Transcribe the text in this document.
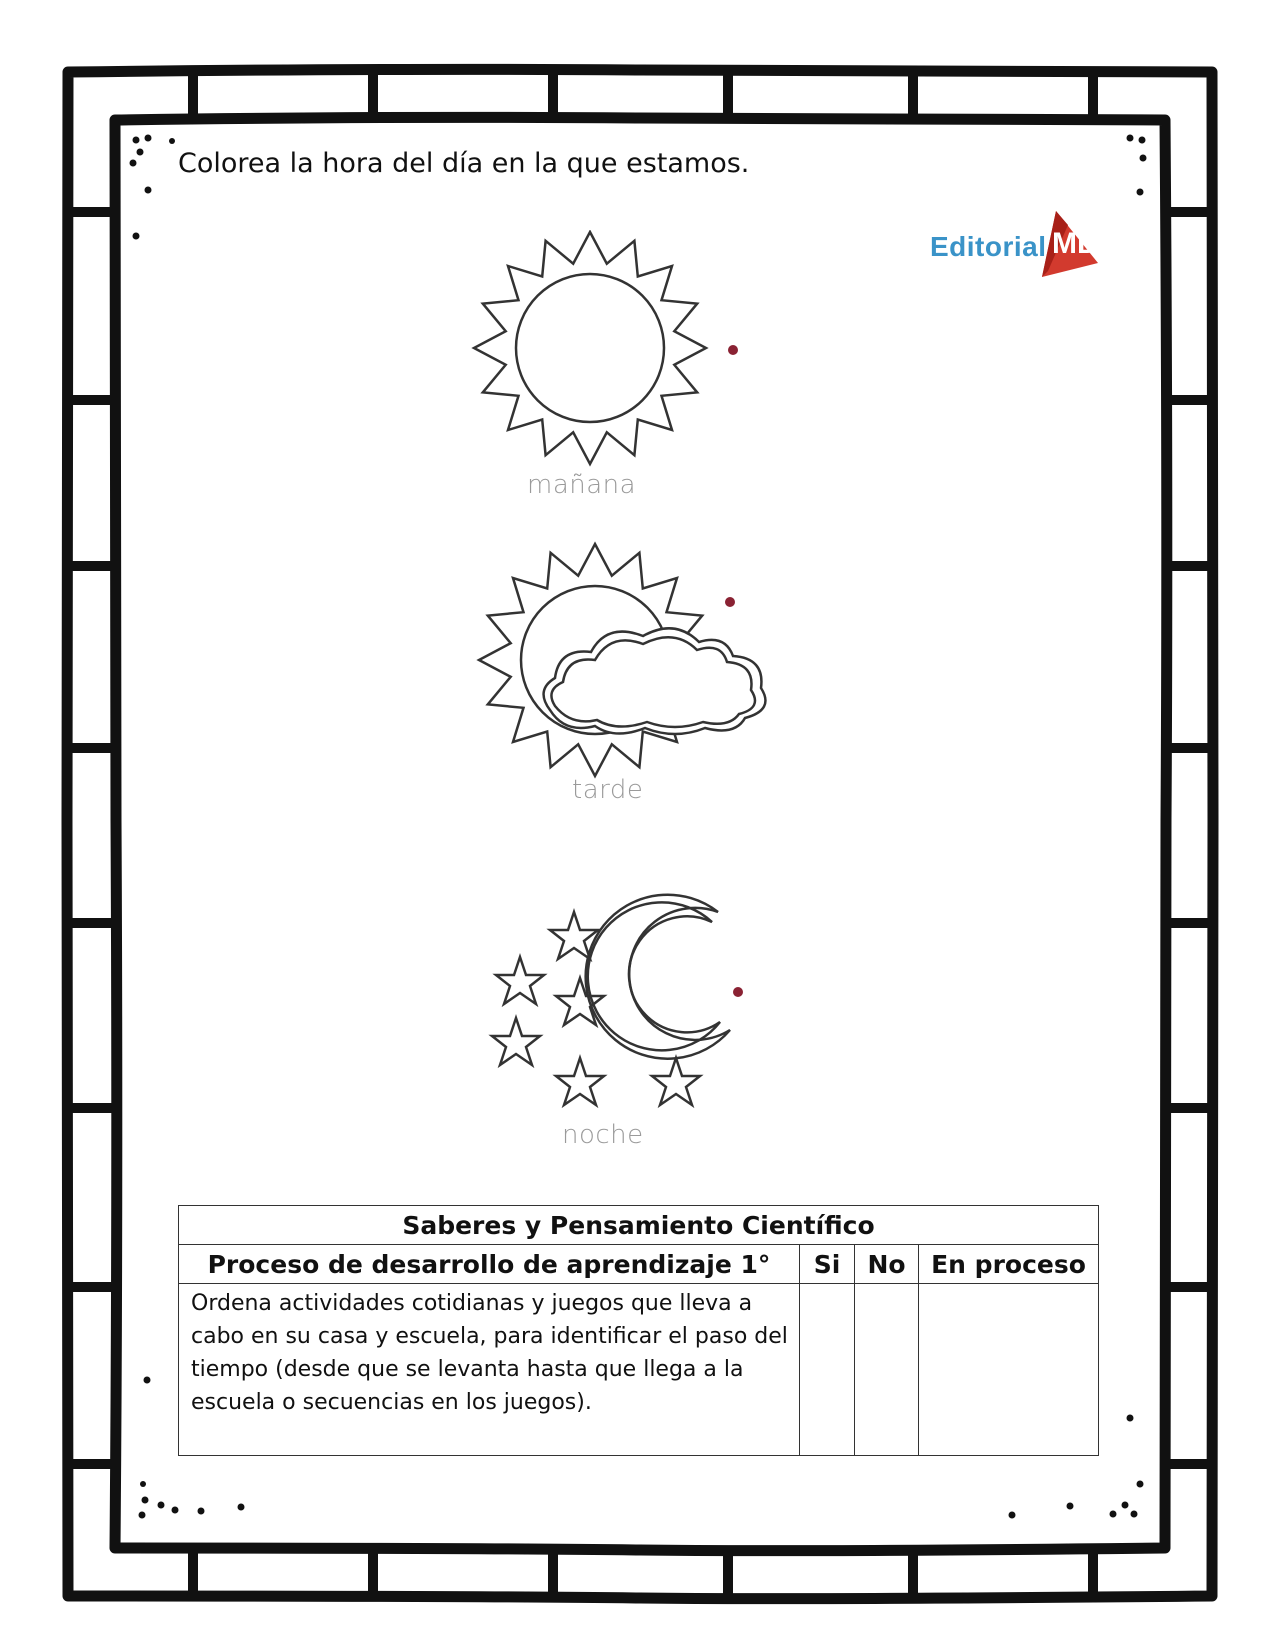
Colorea la hora del día en la que estamos.
Editorial MD
mañana
tarde
noche
Saberes y Pensamiento Científico			
Proceso de desarrollo de aprendizaje 1°	Si	No	En proceso
Ordena actividades cotidianas y juegos que lleva a cabo en su casa y escuela, para identificar el paso del tiempo (desde que se levanta hasta que llega a la escuela o secuencias en los juegos).			
